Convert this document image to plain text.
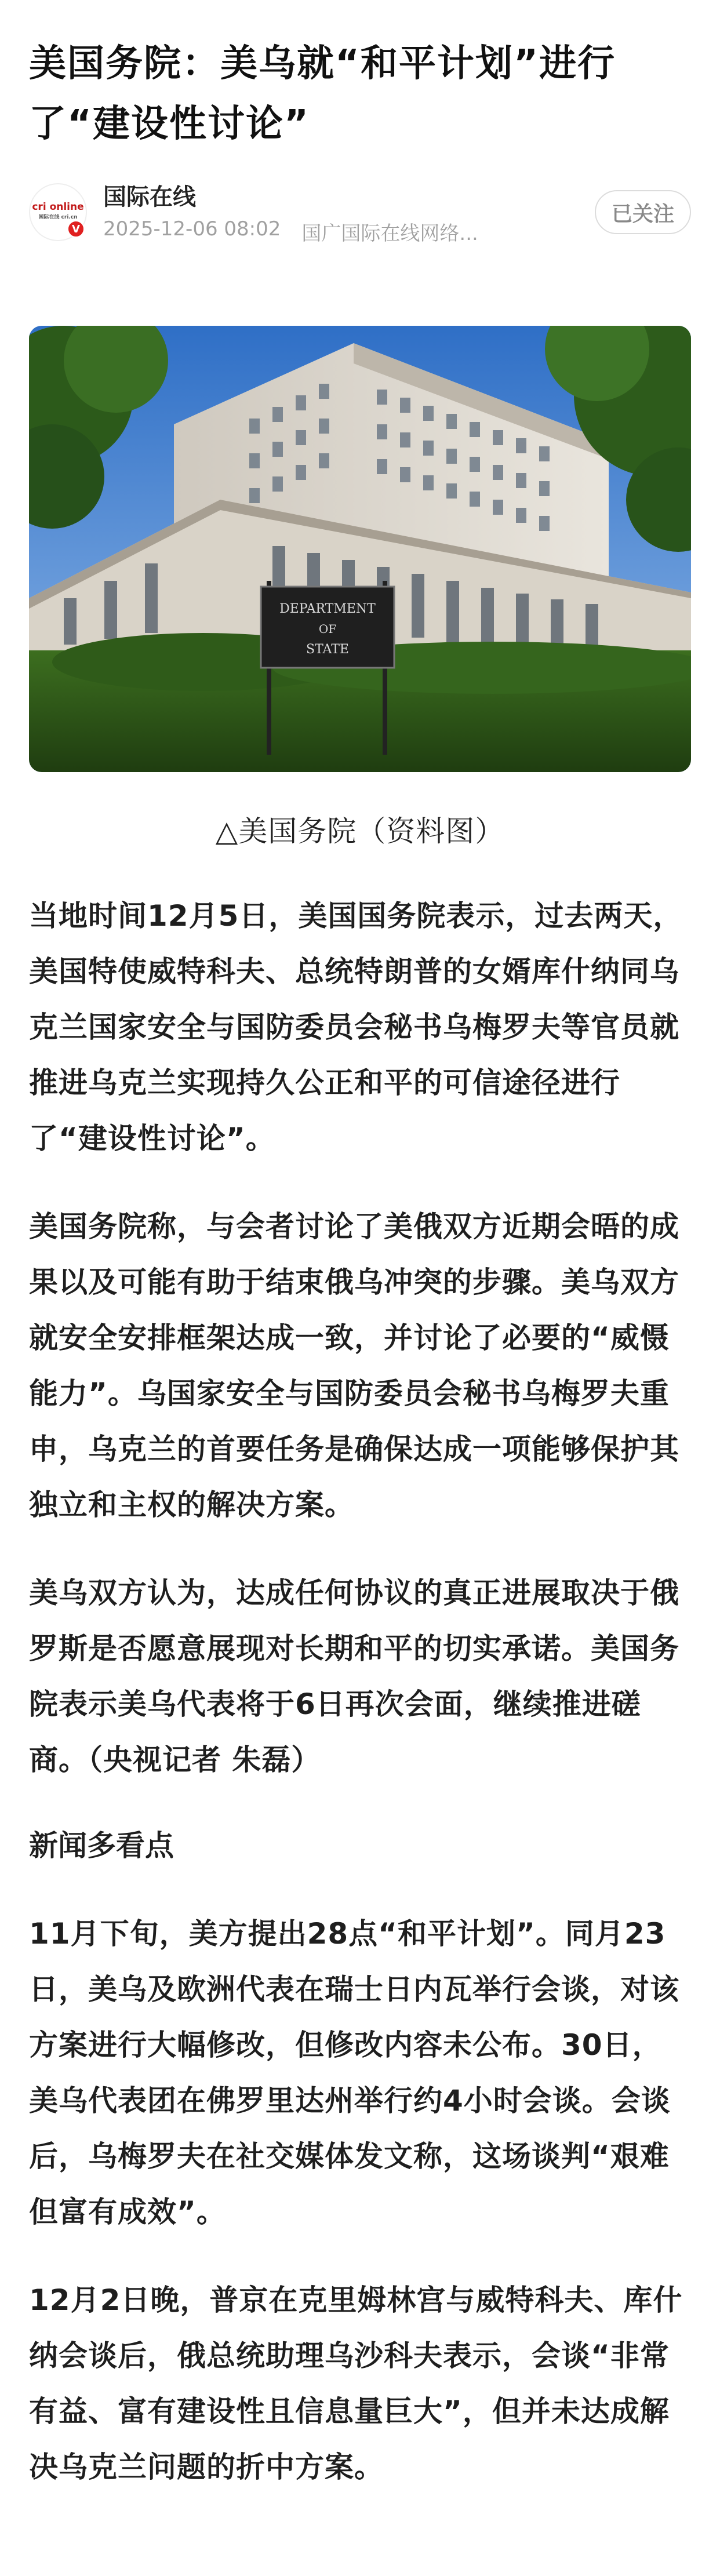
美国务院：美乌就“和平计划”进行了“建设性讨论”
cri online
国际在线 cri.cn
V
国际在线
2025-12-06 08:02 国广国际在线网络...
已关注
DEPARTMENT
OF
STATE

△美国务院（资料图）

当地时间12月5日，美国国务院表示，过去两天，美国特使威特科夫、总统特朗普的女婿库什纳同乌克兰国家安全与国防委员会秘书乌梅罗夫等官员就推进乌克兰实现持久公正和平的可信途径进行了“建设性讨论”。

美国务院称，与会者讨论了美俄双方近期会晤的成果以及可能有助于结束俄乌冲突的步骤。美乌双方就安全安排框架达成一致，并讨论了必要的“威慑能力”。乌国家安全与国防委员会秘书乌梅罗夫重申，乌克兰的首要任务是确保达成一项能够保护其独立和主权的解决方案。

美乌双方认为，达成任何协议的真正进展取决于俄罗斯是否愿意展现对长期和平的切实承诺。美国务院表示美乌代表将于6日再次会面，继续推进磋商。（央视记者 朱磊）

新闻多看点

11月下旬，美方提出28点“和平计划”。同月23日，美乌及欧洲代表在瑞士日内瓦举行会谈，对该方案进行大幅修改，但修改内容未公布。30日，美乌代表团在佛罗里达州举行约4小时会谈。会谈后，乌梅罗夫在社交媒体发文称，这场谈判“艰难但富有成效”。

12月2日晚，普京在克里姆林宫与威特科夫、库什纳会谈后，俄总统助理乌沙科夫表示，会谈“非常有益、富有建设性且信息量巨大”，但并未达成解决乌克兰问题的折中方案。
